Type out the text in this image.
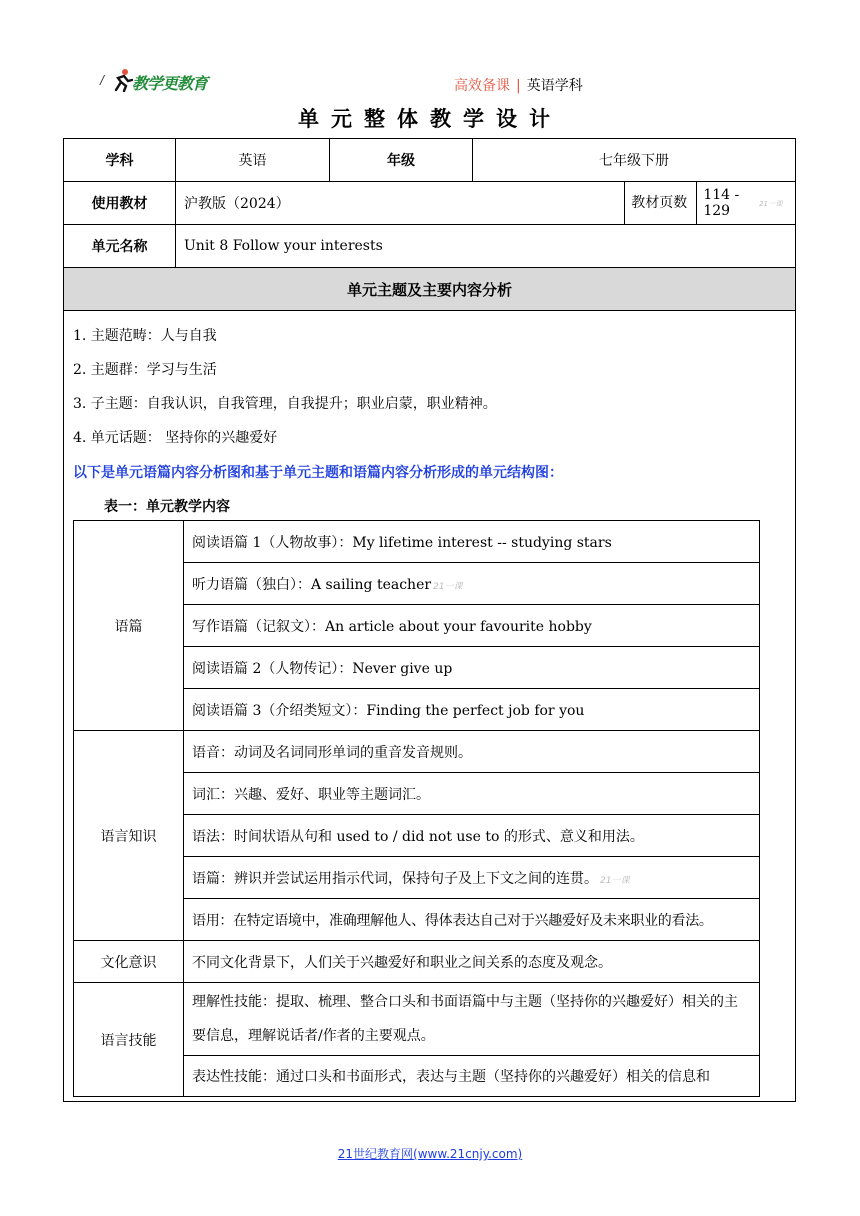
/ 教学更教育	高效备课 | 英语学科
单元整体教学设计
学科	英语	年级	七年级下册	
使用教材	沪教版（2024）			教材页数 114 - 129 21一课

单元名称	Unit 8 Follow your interests			
单元主题及主要内容分析				
1. 主题范畴：人与自我
2. 主题群：学习与生活
3. 子主题：自我认识，自我管理，自我提升；职业启蒙，职业精神。
4. 单元话题： 坚持你的兴趣爱好
以下是单元语篇内容分析图和基于单元主题和语篇内容分析形成的单元结构图：
表一：单元教学内容
语篇	阅读语篇 1（人物故事）：My lifetime interest -- studying stars
	听力语篇（独白）：A sailing teacher 21一课

	写作语篇（记叙文）：An article about your favourite hobby
	阅读语篇 2（人物传记）：Never give up
	阅读语篇 3（介绍类短文）：Finding the perfect job for you
语言知识	语音：动词及名词同形单词的重音发音规则。
	词汇：兴趣、爱好、职业等主题词汇。
	语法：时间状语从句和 used to / did not use to 的形式、意义和用法。
	语篇：辨识并尝试运用指示代词，保持句子及上下文之间的连贯。 21一课

	语用：在特定语境中，准确理解他人、得体表达自己对于兴趣爱好及未来职业的看法。
文化意识	不同文化背景下，人们关于兴趣爱好和职业之间关系的态度及观念。
语言技能	理解性技能：提取、梳理、整合口头和书面语篇中与主题（坚持你的兴趣爱好）相关的主要信息，理解说话者/作者的主要观点。
	表达性技能：通过口头和书面形式，表达与主题（坚持你的兴趣爱好）相关的信息和
21世纪教育网(www.21cnjy.com)
